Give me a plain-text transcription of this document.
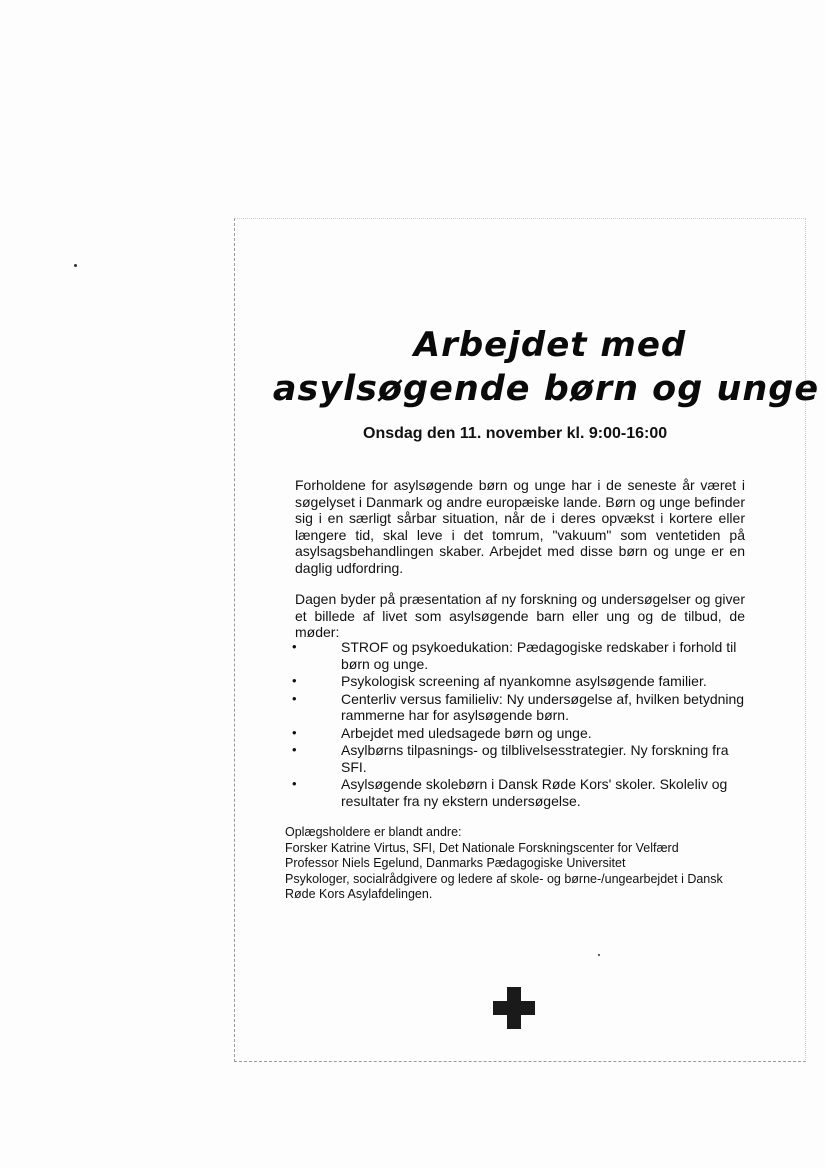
Arbejdet med
asylsøgende børn og unge
Onsdag den 11. november kl. 9:00-16:00
Forholdene for asylsøgende børn og unge har i de seneste år været i søgelyset i Danmark og andre europæiske lande. Børn og unge befinder sig i en særligt sårbar situation, når de i deres opvækst i kortere eller længere tid, skal leve i det tomrum, "vakuum" som ventetiden på asylsagsbehandlingen skaber. Arbejdet med disse børn og unge er en daglig udfordring.
Dagen byder på præsentation af ny forskning og undersøgelser og giver et billede af livet som asylsøgende barn eller ung og de tilbud, de møder:
•	STROF og psykoedukation: Pædagogiske redskaber i forhold til børn og unge.
•	Psykologisk screening af nyankomne asylsøgende familier.
•	Centerliv versus familieliv: Ny undersøgelse af, hvilken betydning rammerne har for asylsøgende børn.
•	Arbejdet med uledsagede børn og unge.
•	Asylbørns tilpasnings- og tilblivelsesstrategier. Ny forskning fra SFI.
•	Asylsøgende skolebørn i Dansk Røde Kors' skoler. Skoleliv og resultater fra ny ekstern undersøgelse.
Oplægsholdere er blandt andre:
Forsker Katrine Virtus, SFI, Det Nationale Forskningscenter for Velfærd
Professor Niels Egelund, Danmarks Pædagogiske Universitet
Psykologer, socialrådgivere og ledere af skole- og børne-/ungearbejdet i Dansk
Røde Kors Asylafdelingen.
